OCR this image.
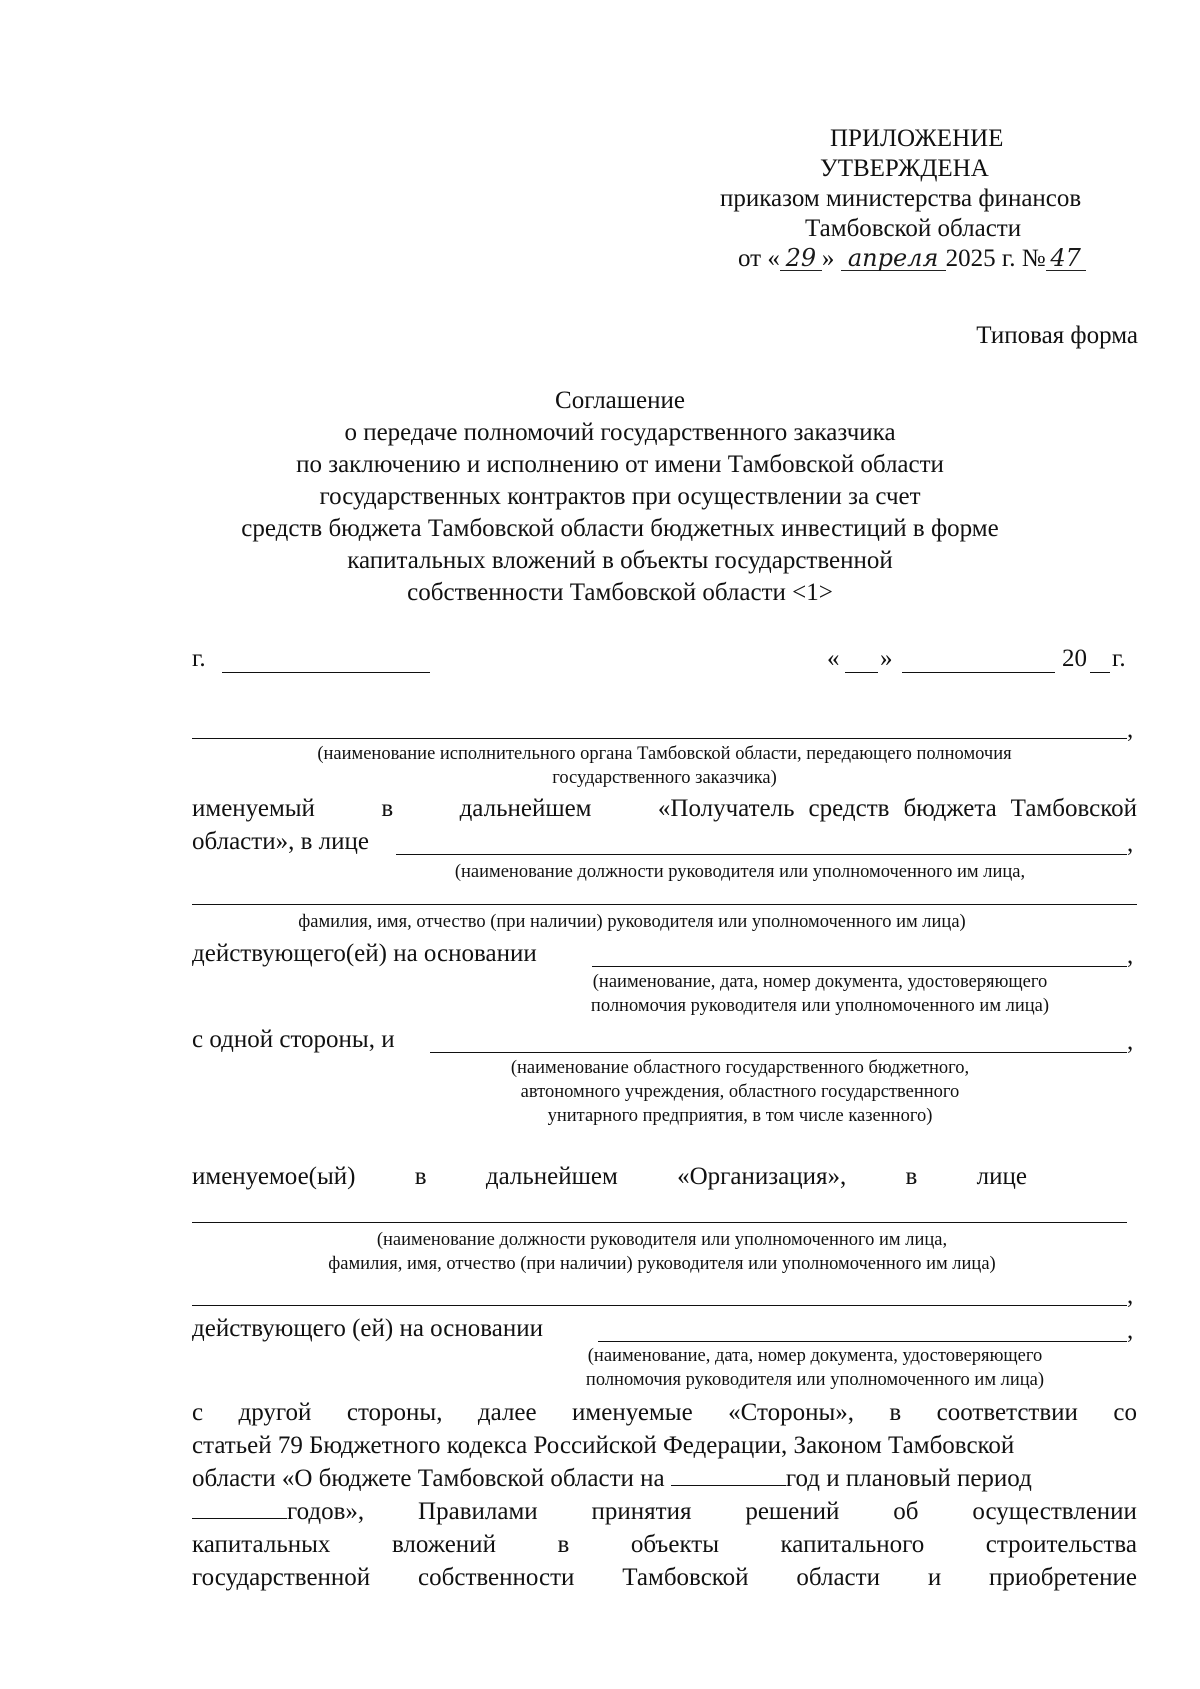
ПРИЛОЖЕНИЕ
УТВЕРЖДЕНА
приказом министерства финансов
Тамбовской области
от « 29 » апреля 2025 г. № 47
Типовая форма
Соглашение
о передаче полномочий государственного заказчика
по заключению и исполнению от имени Тамбовской области
государственных контрактов при осуществлении за счет
средств бюджета Тамбовской области бюджетных инвестиций в форме
капитальных вложений в объекты государственной
собственности Тамбовской области <1>
г.	« »	20 г.
,
(наименование исполнительного органа Тамбовской области, передающего полномочия
государственного заказчика)
именуемый	в	дальнейшем	«Получатель средств бюджета Тамбовской
области», в лице	,
(наименование должности руководителя или уполномоченного им лица,
фамилия, имя, отчество (при наличии) руководителя или уполномоченного им лица)
действующего(ей) на основании	,
(наименование, дата, номер документа, удостоверяющего
полномочия руководителя или уполномоченного им лица)
с одной стороны, и	,
(наименование областного государственного бюджетного,
автономного учреждения, областного государственного
унитарного предприятия, в том числе казенного)
именуемое(ый) в дальнейшем «Организация», в лице
(наименование должности руководителя или уполномоченного им лица,
фамилия, имя, отчество (при наличии) руководителя или уполномоченного им лица)
,
действующего (ей) на основании	,
(наименование, дата, номер документа, удостоверяющего
полномочия руководителя или уполномоченного им лица)
с другой стороны, далее именуемые «Стороны», в соответствии со
статьей 79 Бюджетного кодекса Российской Федерации, Законом Тамбовской
области «О бюджете Тамбовской области на	год и плановый период
годов», Правилами принятия решений об осуществлении
капитальных вложений в объекты капитального строительства
государственной собственности Тамбовской области и приобретение
